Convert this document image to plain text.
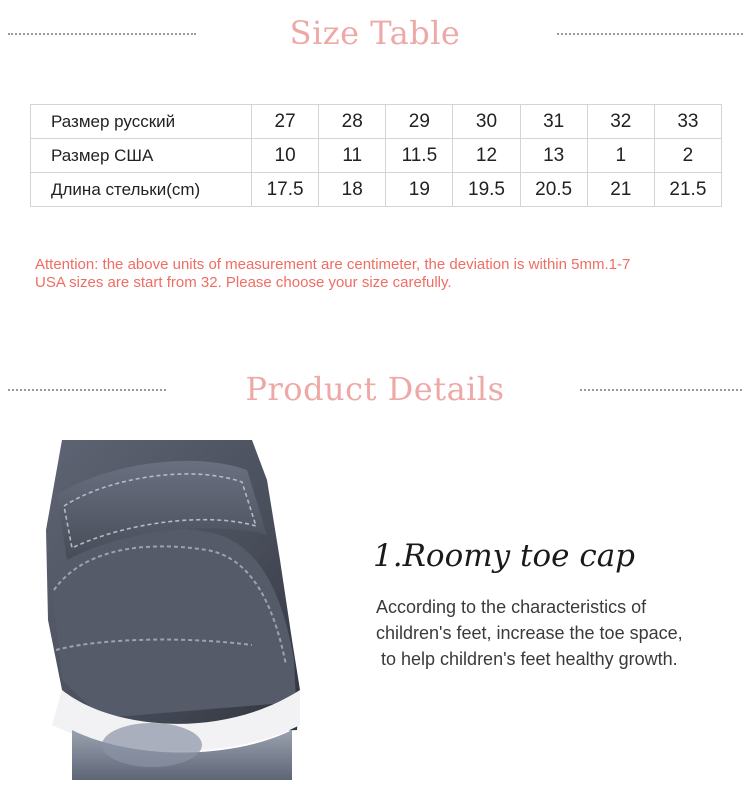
Size Table
Размер русский	27	28	29	30	31	32	33
Размер США	10	11	11.5	12	13	1	2
Длина стельки(cm)	17.5	18	19	19.5	20.5	21	21.5
Attention: the above units of measurement are centimeter, the deviation is within 5mm.1-7
USA sizes are start from 32. Please choose your size carefully.
Product Details
1.Roomy toe cap
According to the characteristics of
children's feet, increase the toe space,
to help children's feet healthy growth.
